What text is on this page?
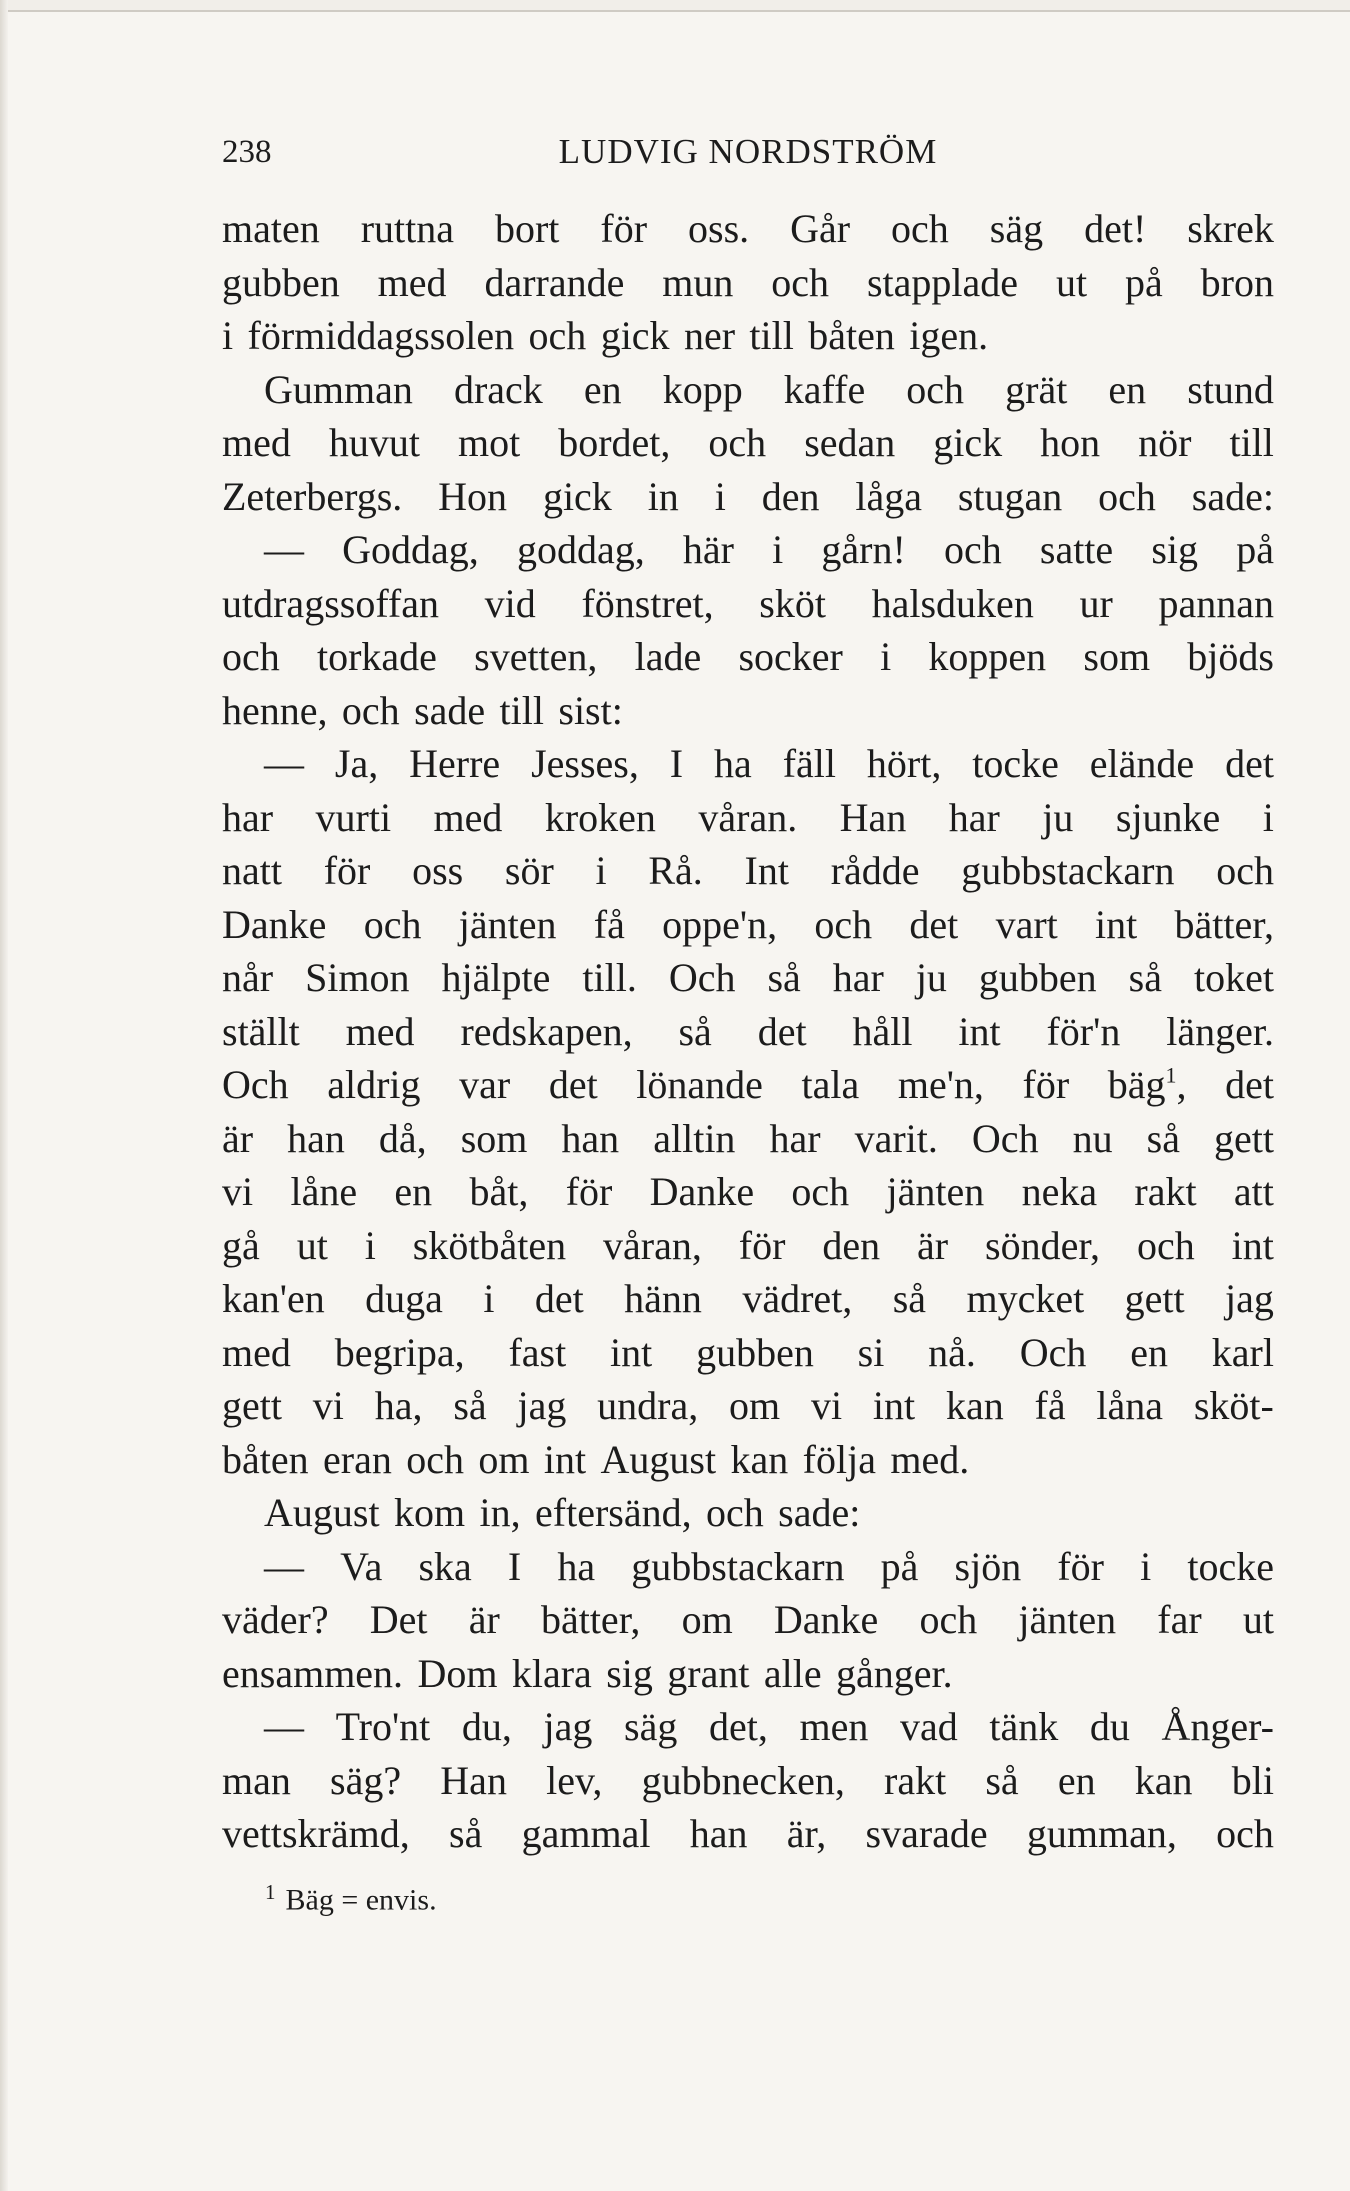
238	LUDVIG NORDSTRÖM
maten ruttna bort för oss. Går och säg det! skrek
gubben med darrande mun och stapplade ut på bron
i förmiddagssolen och gick ner till båten igen.
Gumman drack en kopp kaffe och grät en stund
med huvut mot bordet, och sedan gick hon nör till
Zeterbergs. Hon gick in i den låga stugan och sade:
— Goddag, goddag, här i gårn! och satte sig på
utdragssoffan vid fönstret, sköt halsduken ur pannan
och torkade svetten, lade socker i koppen som bjöds
henne, och sade till sist:
— Ja, Herre Jesses, I ha fäll hört, tocke elände det
har vurti med kroken våran. Han har ju sjunke i
natt för oss sör i Rå. Int rådde gubbstackarn och
Danke och jänten få oppe'n, och det vart int bätter,
når Simon hjälpte till. Och så har ju gubben så toket
ställt med redskapen, så det håll int för'n länger.
Och aldrig var det lönande tala me'n, för bäg$^1$, det
är han då, som han alltin har varit. Och nu så gett
vi låne en båt, för Danke och jänten neka rakt att
gå ut i skötbåten våran, för den är sönder, och int
kan'en duga i det hänn vädret, så mycket gett jag
med begripa, fast int gubben si nå. Och en karl
gett vi ha, så jag undra, om vi int kan få låna sköt-
båten eran och om int August kan följa med.
August kom in, eftersänd, och sade:
— Va ska I ha gubbstackarn på sjön för i tocke
väder? Det är bätter, om Danke och jänten far ut
ensammen. Dom klara sig grant alle gånger.
— Tro'nt du, jag säg det, men vad tänk du Ånger-
man säg? Han lev, gubbnecken, rakt så en kan bli
vettskrämd, så gammal han är, svarade gumman, och
$^1$ Bäg = envis.
